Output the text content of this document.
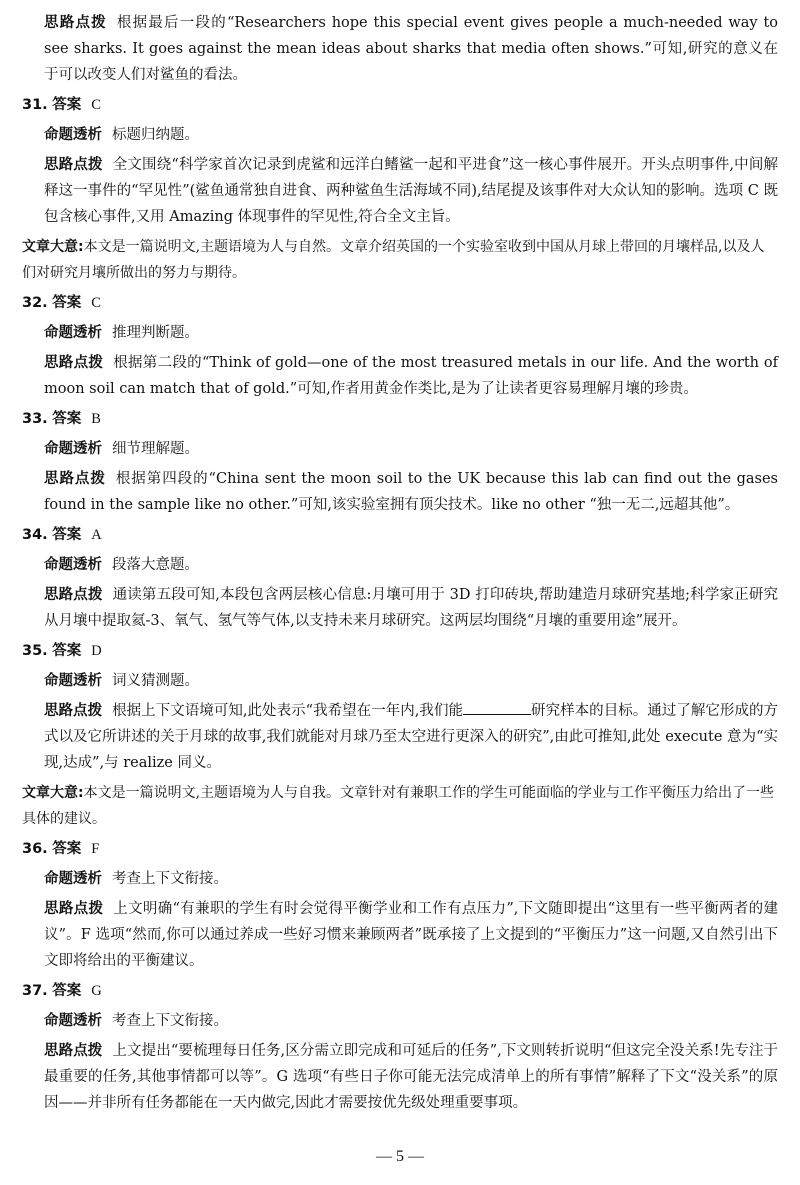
思路点拨 根据最后一段的“Researchers hope this special event gives people a much-needed way to see sharks. It goes against the mean ideas about sharks that media often shows.”可知,研究的意义在于可以改变人们对鲨鱼的看法。

31. 答案 C

命题透析 标题归纳题。

思路点拨 全文围绕“科学家首次记录到虎鲨和远洋白鳍鲨一起和平进食”这一核心事件展开。开头点明事件,中间解释这一事件的“罕见性”(鲨鱼通常独自进食、两种鲨鱼生活海域不同),结尾提及该事件对大众认知的影响。选项 C 既包含核心事件,又用 Amazing 体现事件的罕见性,符合全文主旨。

文章大意:本文是一篇说明文,主题语境为人与自然。文章介绍英国的一个实验室收到中国从月球上带回的月壤样品,以及人们对研究月壤所做出的努力与期待。

32. 答案 C

命题透析 推理判断题。

思路点拨 根据第二段的“Think of gold—one of the most treasured metals in our life. And the worth of moon soil can match that of gold.”可知,作者用黄金作类比,是为了让读者更容易理解月壤的珍贵。

33. 答案 B

命题透析 细节理解题。

思路点拨 根据第四段的“China sent the moon soil to the UK because this lab can find out the gases found in the sample like no other.”可知,该实验室拥有顶尖技术。like no other “独一无二,远超其他”。

34. 答案 A

命题透析 段落大意题。

思路点拨 通读第五段可知,本段包含两层核心信息:月壤可用于 3D 打印砖块,帮助建造月球研究基地;科学家正研究从月壤中提取氦-3、氧气、氢气等气体,以支持未来月球研究。这两层均围绕“月壤的重要用途”展开。

35. 答案 D

命题透析 词义猜测题。

思路点拨 根据上下文语境可知,此处表示“我希望在一年内,我们能	研究样本的目标。通过了解它形成的方式以及它所讲述的关于月球的故事,我们就能对月球乃至太空进行更深入的研究”,由此可推知,此处 execute 意为“实现,达成”,与 realize 同义。

文章大意:本文是一篇说明文,主题语境为人与自我。文章针对有兼职工作的学生可能面临的学业与工作平衡压力给出了一些具体的建议。

36. 答案 F

命题透析 考查上下文衔接。

思路点拨 上文明确“有兼职的学生有时会觉得平衡学业和工作有点压力”,下文随即提出“这里有一些平衡两者的建议”。F 选项“然而,你可以通过养成一些好习惯来兼顾两者”既承接了上文提到的“平衡压力”这一问题,又自然引出下文即将给出的平衡建议。

37. 答案 G

命题透析 考查上下文衔接。

思路点拨 上文提出“要梳理每日任务,区分需立即完成和可延后的任务”,下文则转折说明“但这完全没关系!先专注于最重要的任务,其他事情都可以等”。G 选项“有些日子你可能无法完成清单上的所有事情”解释了下文“没关系”的原因——并非所有任务都能在一天内做完,因此才需要按优先级处理重要事项。

— 5 —
